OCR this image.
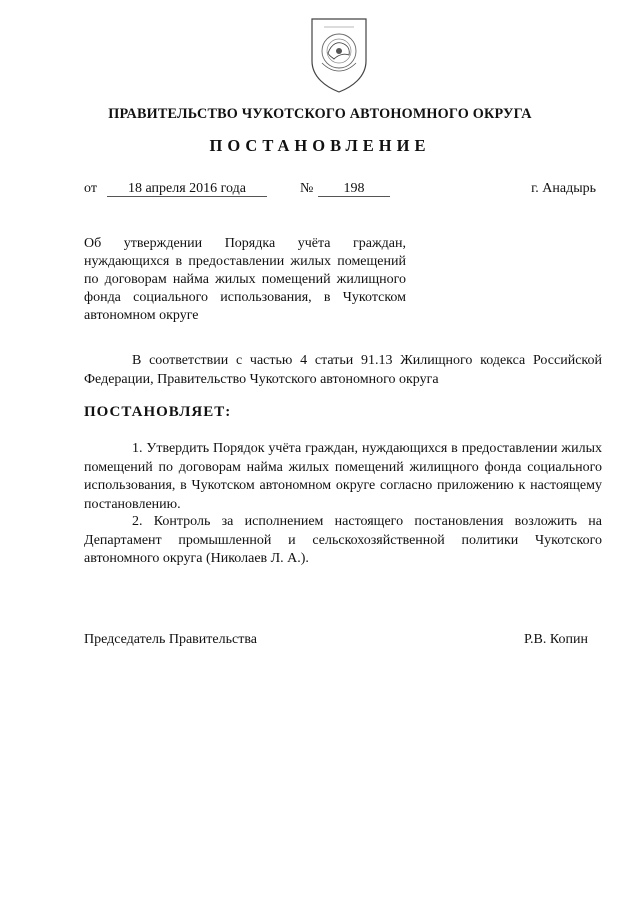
ПРАВИТЕЛЬСТВО ЧУКОТСКОГО АВТОНОМНОГО ОКРУГА
ПОСТАНОВЛЕНИЕ
от	18 апреля 2016 года	№	198	г. Анадырь
Об утверждении Порядка учёта граждан, нуждающихся в предоставлении жилых помещений по договорам найма жилых помещений жилищного фонда социального использования, в Чукотском автономном округе
В соответствии с частью 4 статьи 91.13 Жилищного кодекса Российской Федерации, Правительство Чукотского автономного округа
ПОСТАНОВЛЯЕТ:
1. Утвердить Порядок учёта граждан, нуждающихся в предоставлении жилых помещений по договорам найма жилых помещений жилищного фонда социального использования, в Чукотском автономном округе согласно приложению к настоящему постановлению.
2. Контроль за исполнением настоящего постановления возложить на Департамент промышленной и сельскохозяйственной политики Чукотского автономного округа (Николаев Л. А.).
Председатель Правительства	Р.В. Копин
